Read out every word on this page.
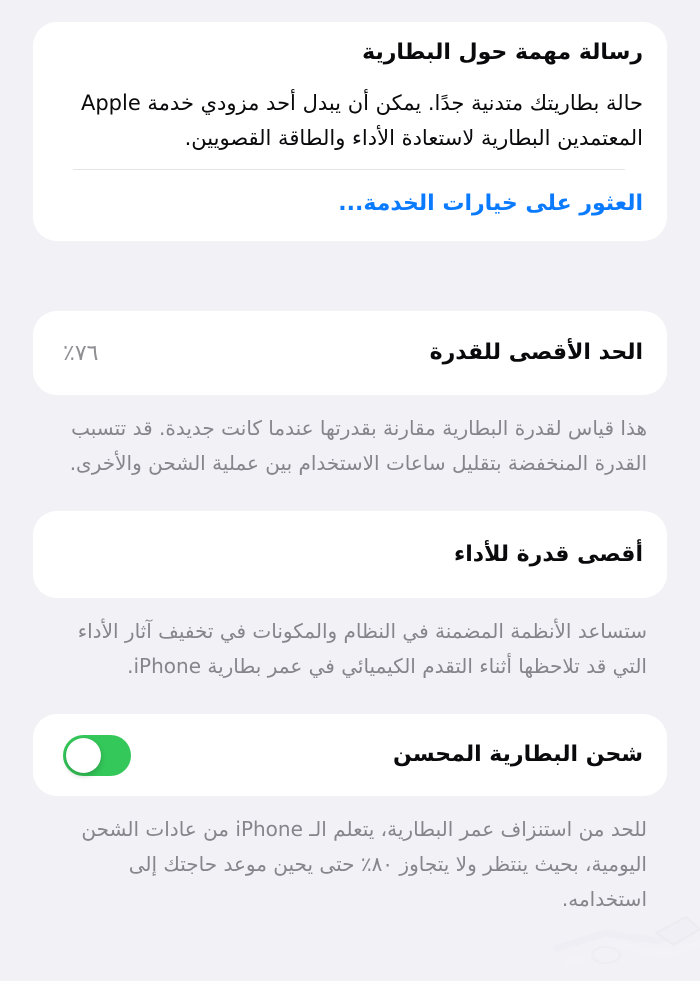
رسالة مهمة حول البطارية

حالة بطاريتك متدنية جدًا. يمكن أن يبدل أحد مزودي خدمة Apple المعتمدين البطارية لاستعادة الأداء والطاقة القصويين.

العثور على خيارات الخدمة...
الحد الأقصى للقدرة
٧٦٪

هذا قياس لقدرة البطارية مقارنة بقدرتها عندما كانت جديدة. قد تتسبب القدرة المنخفضة بتقليل ساعات الاستخدام بين عملية الشحن والأخرى.

أقصى قدرة للأداء

ستساعد الأنظمة المضمنة في النظام والمكونات في تخفيف آثار الأداء التي قد تلاحظها أثناء التقدم الكيميائي في عمر بطارية iPhone.

شحن البطارية المحسن

للحد من استنزاف عمر البطارية، يتعلم الـ iPhone من عادات الشحن اليومية، بحيث ينتظر ولا يتجاوز ٨٠٪ حتى يحين موعد حاجتك إلى استخدامه.
